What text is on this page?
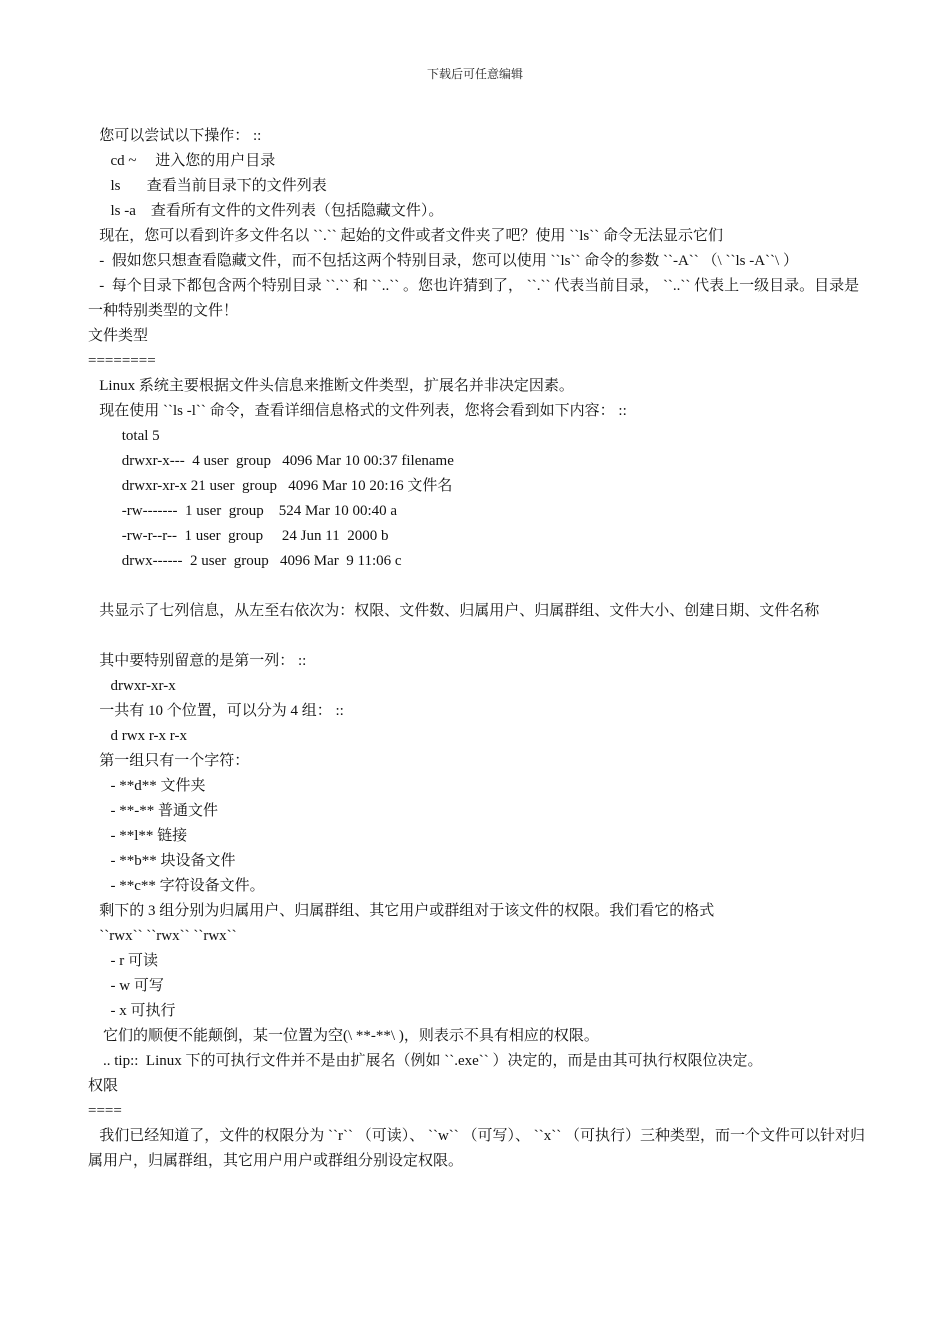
下载后可任意编辑
您可以尝试以下操作： ::
cd ~     进入您的用户目录
ls       查看当前目录下的文件列表
ls -a    查看所有文件的文件列表（包括隐藏文件）。
现在，您可以看到许多文件名以 ``.`` 起始的文件或者文件夹了吧？使用 ``ls`` 命令无法显示它们
-  假如您只想查看隐藏文件，而不包括这两个特别目录，您可以使用 ``ls`` 命令的参数 ``-A`` （\ ``ls -A``\ ）
-  每个目录下都包含两个特别目录 ``.`` 和 ``..`` 。您也许猜到了， ``.`` 代表当前目录， ``..`` 代表上一级目录。目录是一种特别类型的文件！
文件类型
========
Linux 系统主要根据文件头信息来推断文件类型，扩展名并非决定因素。
现在使用 ``ls -l`` 命令，查看详细信息格式的文件列表，您将会看到如下内容： ::
total 5
drwxr-x---  4 user  group   4096 Mar 10 00:37 filename
drwxr-xr-x 21 user  group   4096 Mar 10 20:16 文件名
-rw-------  1 user  group    524 Mar 10 00:40 a
-rw-r--r--  1 user  group     24 Jun 11  2000 b
drwx------  2 user  group   4096 Mar  9 11:06 c
共显示了七列信息，从左至右依次为：权限、文件数、归属用户、归属群组、文件大小、创建日期、文件名称
其中要特别留意的是第一列： ::
drwxr-xr-x
一共有 10 个位置，可以分为 4 组： ::
d rwx r-x r-x
第一组只有一个字符：
- **d** 文件夹
- **-** 普通文件
- **l** 链接
- **b** 块设备文件
- **c** 字符设备文件。
剩下的 3 组分别为归属用户、归属群组、其它用户或群组对于该文件的权限。我们看它的格式
``rwx`` ``rwx`` ``rwx``
- r 可读
- w 可写
- x 可执行
它们的顺便不能颠倒，某一位置为空(\ **-**\ )，则表示不具有相应的权限。
.. tip::  Linux 下的可执行文件并不是由扩展名（例如 ``.exe`` ）决定的，而是由其可执行权限位决定。
权限
====
我们已经知道了，文件的权限分为 ``r`` （可读）、 ``w`` （可写）、 ``x`` （可执行）三种类型，而一个文件可以针对归属用户，归属群组，其它用户用户或群组分别设定权限。
